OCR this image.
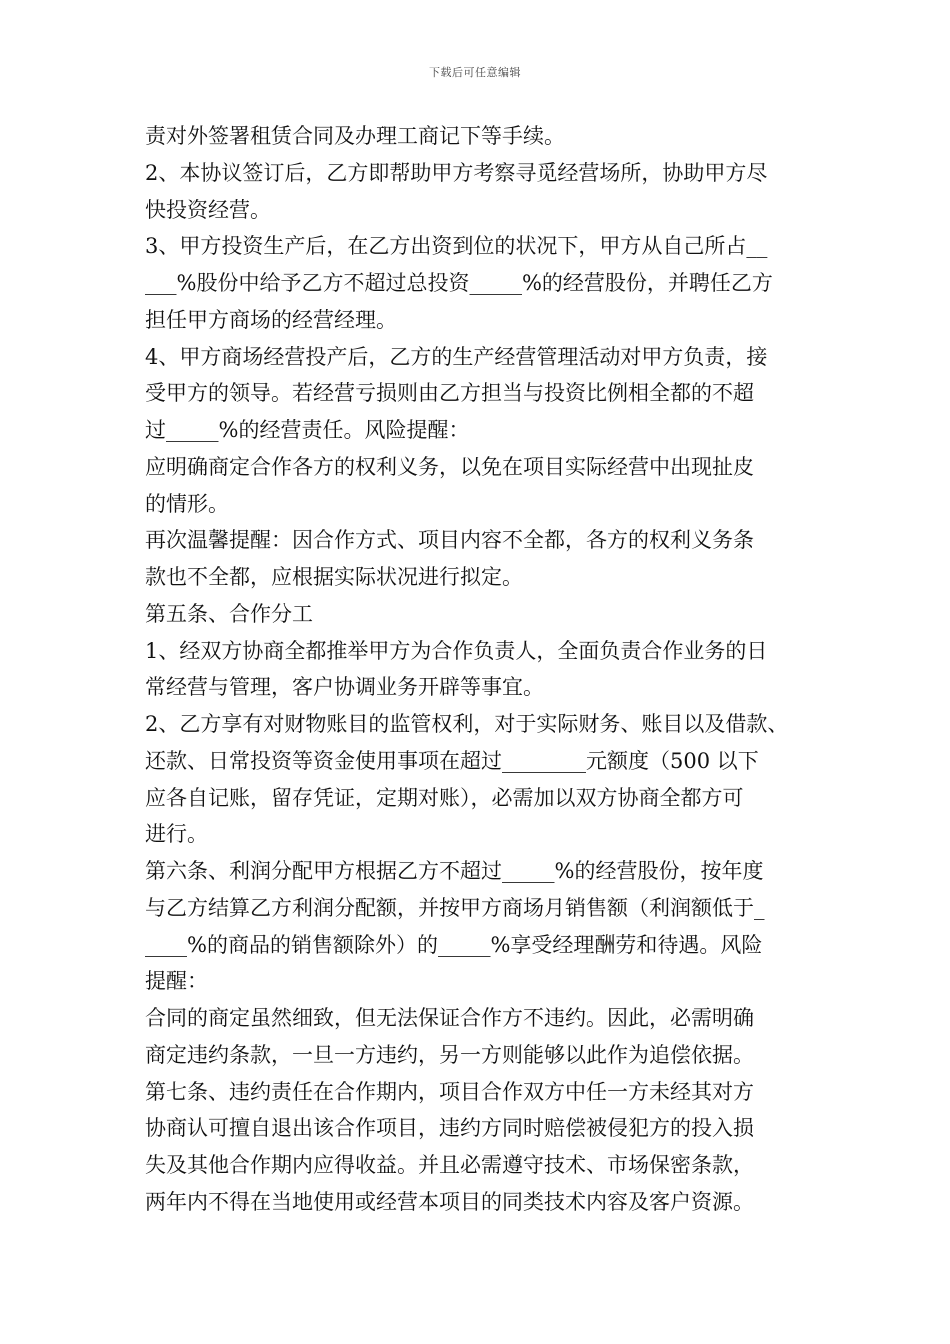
下载后可任意编辑
责对外签署租赁合同及办理工商记下等手续。
2、本协议签订后，乙方即帮助甲方考察寻觅经营场所，协助甲方尽
快投资经营。
3、甲方投资生产后，在乙方出资到位的状况下，甲方从自己所占__
___%股份中给予乙方不超过总投资_____%的经营股份，并聘任乙方
担任甲方商场的经营经理。
4、甲方商场经营投产后，乙方的生产经营管理活动对甲方负责，接
受甲方的领导。若经营亏损则由乙方担当与投资比例相全都的不超
过_____%的经营责任。风险提醒：
应明确商定合作各方的权利义务，以免在项目实际经营中出现扯皮
的情形。
再次温馨提醒：因合作方式、项目内容不全都，各方的权利义务条
款也不全都，应根据实际状况进行拟定。
第五条、合作分工
1、经双方协商全都推举甲方为合作负责人，全面负责合作业务的日
常经营与管理，客户协调业务开辟等事宜。
2、乙方享有对财物账目的监管权利，对于实际财务、账目以及借款、
还款、日常投资等资金使用事项在超过________元额度（500 以下
应各自记账，留存凭证，定期对账），必需加以双方协商全都方可
进行。
第六条、利润分配甲方根据乙方不超过_____%的经营股份，按年度
与乙方结算乙方利润分配额，并按甲方商场月销售额（利润额低于_
____%的商品的销售额除外）的_____%享受经理酬劳和待遇。风险
提醒：
合同的商定虽然细致，但无法保证合作方不违约。因此，必需明确
商定违约条款，一旦一方违约，另一方则能够以此作为追偿依据。
第七条、违约责任在合作期内，项目合作双方中任一方未经其对方
协商认可擅自退出该合作项目，违约方同时赔偿被侵犯方的投入损
失及其他合作期内应得收益。并且必需遵守技术、市场保密条款，
两年内不得在当地使用或经营本项目的同类技术内容及客户资源。
